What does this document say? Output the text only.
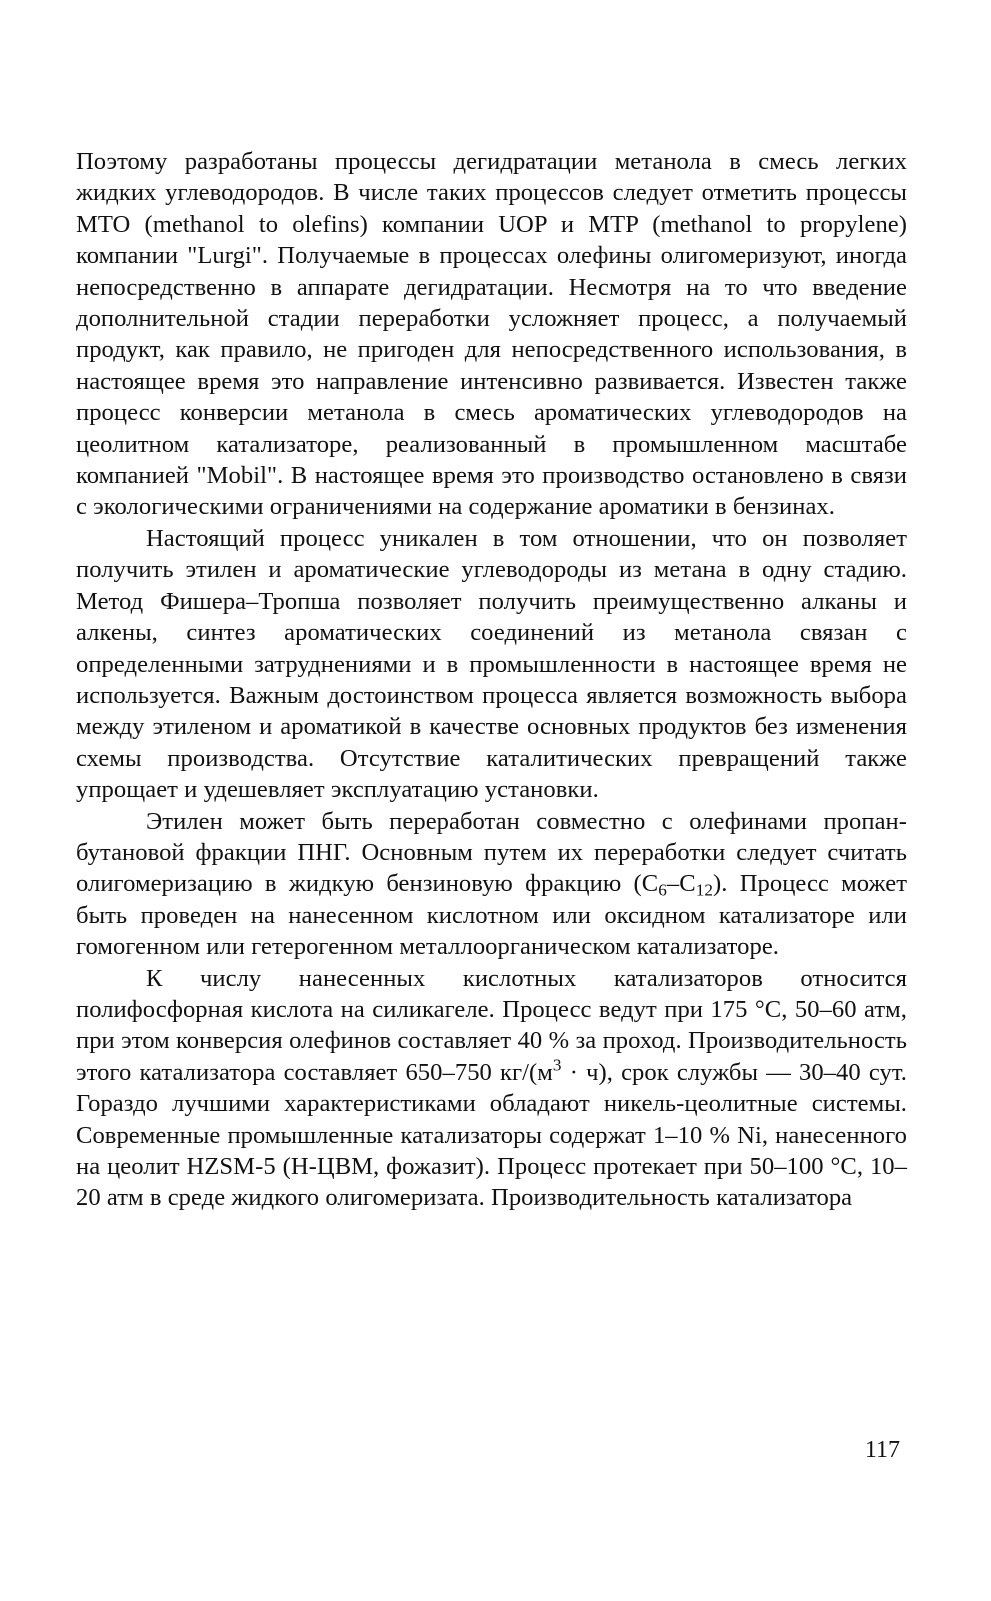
Поэтому разработаны процессы дегидратации метанола в смесь легких жидких углеводородов. В числе таких процессов следует отметить процессы MTO (methanol to olefins) компании UOP и MTP (methanol to propylene) компании "Lurgi". Получаемые в процессах олефины олигомеризуют, иногда непосредственно в аппарате дегидратации. Несмотря на то что введение дополнительной стадии переработки усложняет процесс, а получаемый продукт, как правило, не пригоден для непосредственного использования, в настоящее время это направление интенсивно развивается. Известен также процесс конверсии метанола в смесь ароматических углеводородов на цеолитном катализаторе, реализованный в промышленном масштабе компанией "Mobil". В настоящее время это производство остановлено в связи с экологическими ограничениями на содержание ароматики в бензинах.

Настоящий процесс уникален в том отношении, что он позволяет получить этилен и ароматические углеводороды из метана в одну стадию. Метод Фишера–Тропша позволяет получить преимущественно алканы и алкены, синтез ароматических соединений из метанола связан с определенными затруднениями и в промышленности в настоящее время не используется. Важным достоинством процесса является возможность выбора между этиленом и ароматикой в качестве основных продуктов без изменения схемы производства. Отсутствие каталитических превращений также упрощает и удешевляет эксплуатацию установки.

Этилен может быть переработан совместно с олефинами пропан-бутановой фракции ПНГ. Основным путем их переработки следует считать олигомеризацию в жидкую бензиновую фракцию $(C_6-C_{12})$. Процесс может быть проведен на нанесенном кислотном или оксидном катализаторе или гомогенном или гетерогенном металлоорганическом катализаторе.

К числу нанесенных кислотных катализаторов относится полифосфорная кислота на силикагеле. Процесс ведут при 175 °C, 50–60 атм, при этом конверсия олефинов составляет 40 % за проход. Производительность этого катализатора составляет 650–750 $кг/(м^3 \cdot ч)$, срок службы — 30–40 сут. Гораздо лучшими характеристиками обладают никель-цеолитные системы. Современные промышленные катализаторы содержат 1–10 % Ni, нанесенного на цеолит HZSM-5 (Н-ЦВМ, фожазит). Процесс протекает при 50–100 °C, 10–20 атм в среде жидкого олигомеризата. Производительность катализатора

117
